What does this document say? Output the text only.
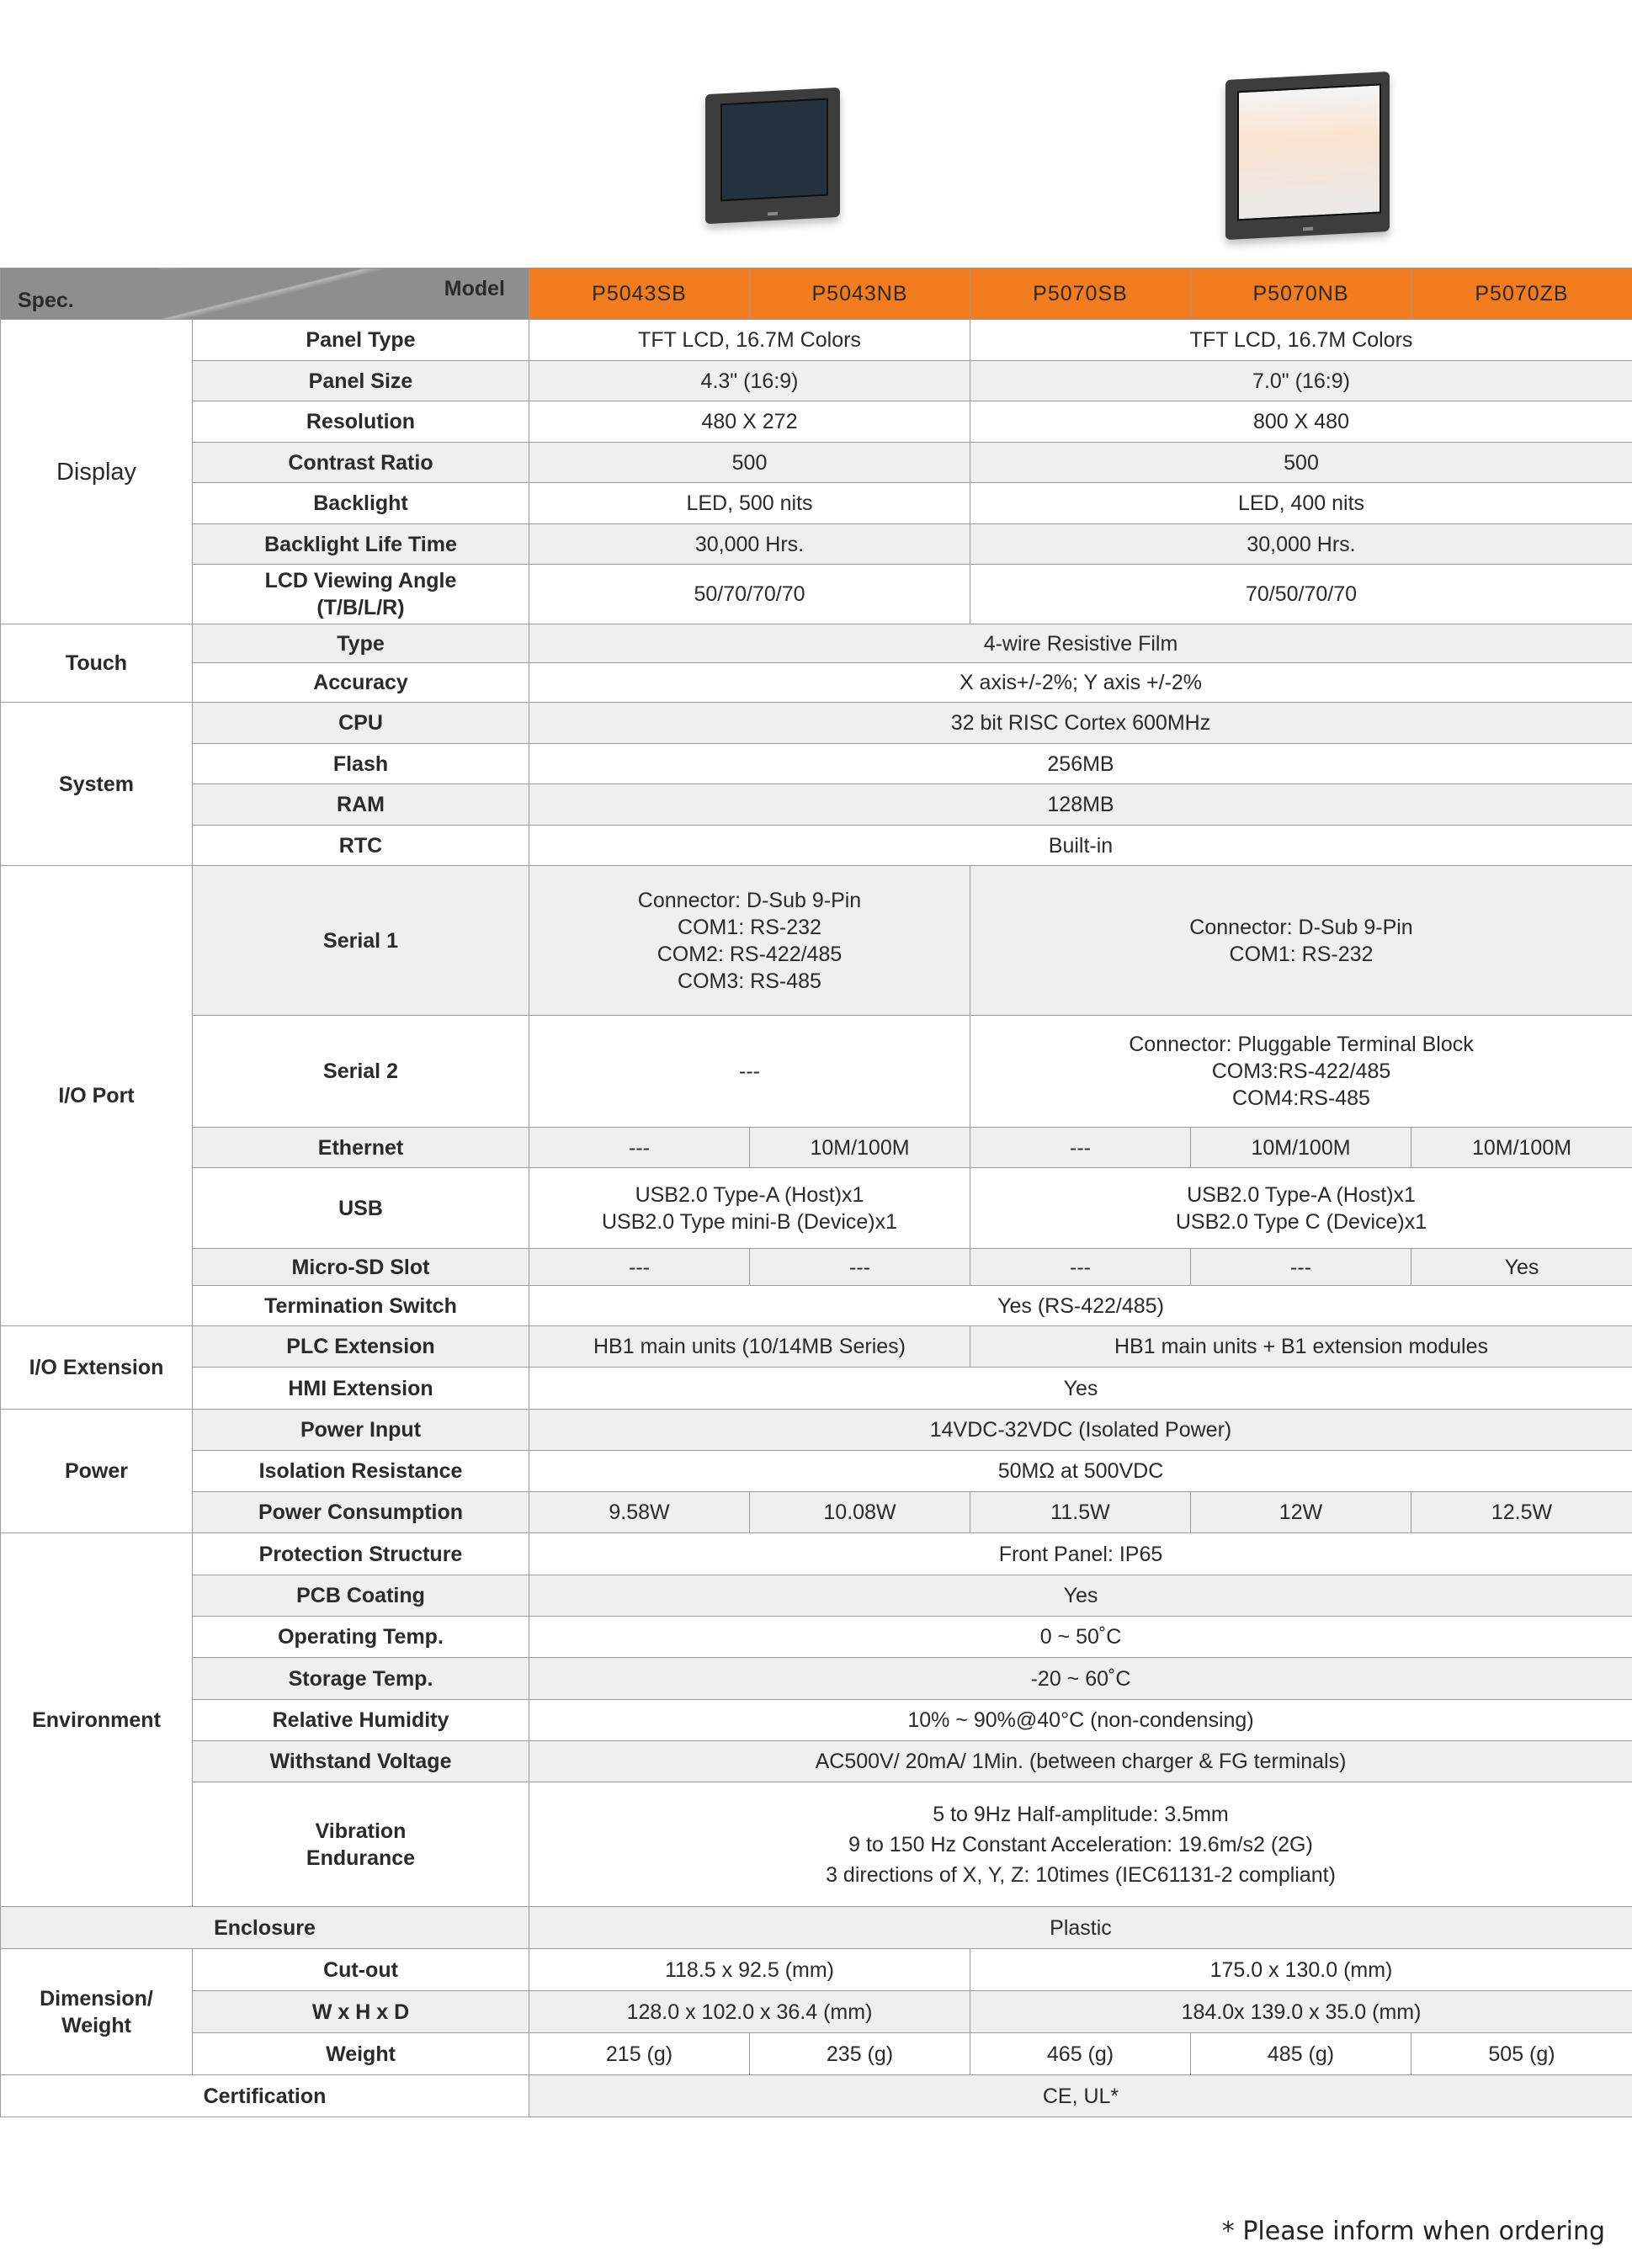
Spec. Model		P5043SB	P5043NB	P5070SB	P5070NB	P5070ZB
Display	Panel Type	TFT LCD, 16.7M Colors		TFT LCD, 16.7M Colors		
	Panel Size	4.3" (16:9)		7.0" (16:9)		
	Resolution	480 X 272		800 X 480		
	Contrast Ratio	500		500		
	Backlight	LED, 500 nits		LED, 400 nits		
	Backlight Life Time	30,000 Hrs.		30,000 Hrs.		
	LCD Viewing Angle
(T/B/L/R)	50/70/70/70		70/50/70/70		
Touch	Type	4-wire Resistive Film				
	Accuracy	X axis+/-2%; Y axis +/-2%				
System	CPU	32 bit RISC Cortex 600MHz				
	Flash	256MB				
	RAM	128MB				
	RTC	Built-in				
I/O Port	Serial 1	Connector: D-Sub 9-Pin
COM1: RS-232
COM2: RS-422/485
COM3: RS-485		Connector: D-Sub 9-Pin
COM1: RS-232		
	Serial 2	---		Connector: Pluggable Terminal Block
COM3:RS-422/485
COM4:RS-485		
	Ethernet	---	10M/100M	---	10M/100M	10M/100M
	USB	USB2.0 Type-A (Host)x1
USB2.0 Type mini-B (Device)x1		USB2.0 Type-A (Host)x1
USB2.0 Type C (Device)x1		
	Micro-SD Slot	---	---	---	---	Yes
	Termination Switch	Yes (RS-422/485)				
I/O Extension	PLC Extension	HB1 main units (10/14MB Series)		HB1 main units + B1 extension modules		
	HMI Extension	Yes				
Power	Power Input	14VDC-32VDC (Isolated Power)				
	Isolation Resistance	50MΩ at 500VDC				
	Power Consumption	9.58W	10.08W	11.5W	12W	12.5W
Environment	Protection Structure	Front Panel: IP65				
	PCB Coating	Yes				
	Operating Temp.	0 ~ 50˚C				
	Storage Temp.	-20 ~ 60˚C				
	Relative Humidity	10% ~ 90%@40°C (non-condensing)				
	Withstand Voltage	AC500V/ 20mA/ 1Min. (between charger & FG terminals)				
	Vibration
Endurance	5 to 9Hz Half-amplitude: 3.5mm
9 to 150 Hz Constant Acceleration: 19.6m/s2 (2G)
3 directions of X, Y, Z: 10times (IEC61131-2 compliant)				
Enclosure		Plastic				
Dimension/
Weight	Cut-out	118.5 x 92.5 (mm)		175.0 x 130.0 (mm)		
	W x H x D	128.0 x 102.0 x 36.4 (mm)		184.0x 139.0 x 35.0 (mm)		
	Weight	215 (g)	235 (g)	465 (g)	485 (g)	505 (g)
Certification		CE, UL*				
* Please inform when ordering
